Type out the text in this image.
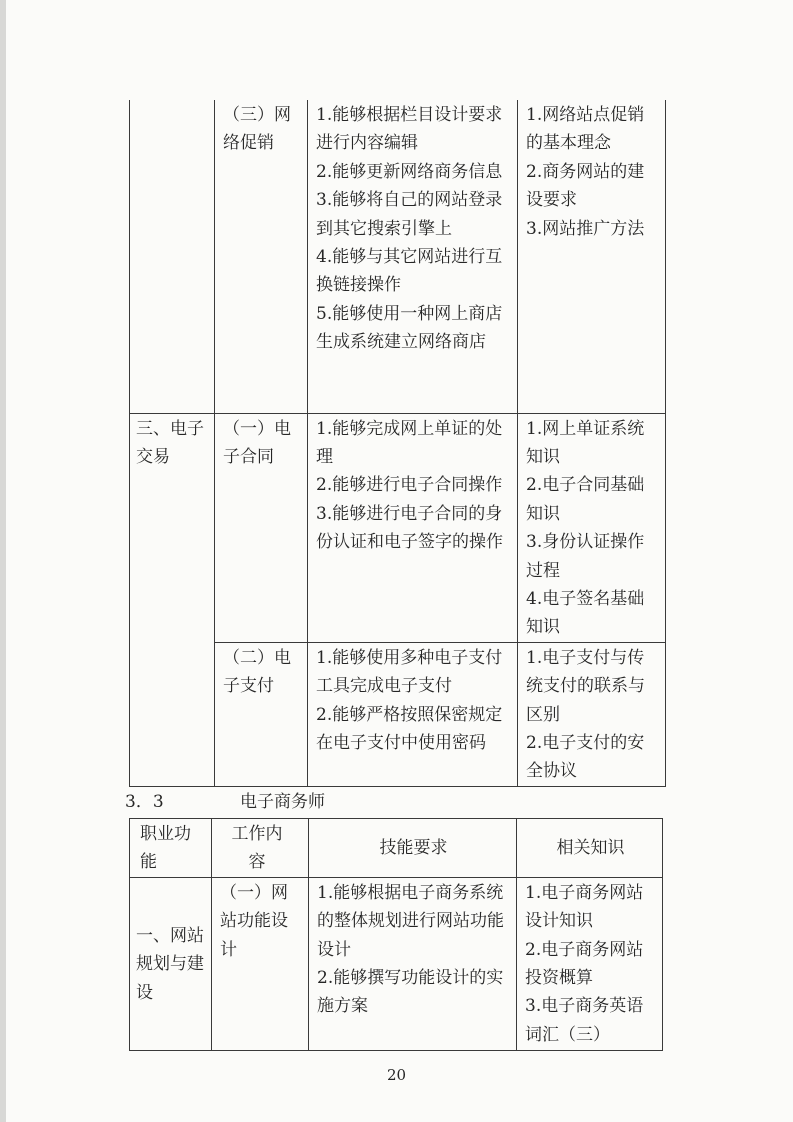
	（三）网络促销	1.能够根据栏目设计要求进行内容编辑
2.能够更新网络商务信息
3.能够将自己的网站登录到其它搜索引擎上
4.能够与其它网站进行互换链接操作
5.能够使用一种网上商店生成系统建立网络商店	1.网络站点促销的基本理念
2.商务网站的建设要求
3.网站推广方法

三、电子交易	（一）电子合同	1.能够完成网上单证的处理
2.能够进行电子合同操作
3.能够进行电子合同的身份认证和电子签字的操作	1.网上单证系统知识
2.电子合同基础知识
3.身份认证操作过程
4.电子签名基础知识

	（二）电子支付	1.能够使用多种电子支付工具完成电子支付
2.能够严格按照保密规定在电子支付中使用密码	1.电子支付与传统支付的联系与区别
2.电子支付的安全协议
3．3	电子商务师
职业功能	工作内容	技能要求	相关知识
一、网站规划与建设	（一）网站功能设计	1.能够根据电子商务系统的整体规划进行网站功能设计
2.能够撰写功能设计的实施方案	1.电子商务网站设计知识
2.电子商务网站投资概算
3.电子商务英语词汇（三）
20
